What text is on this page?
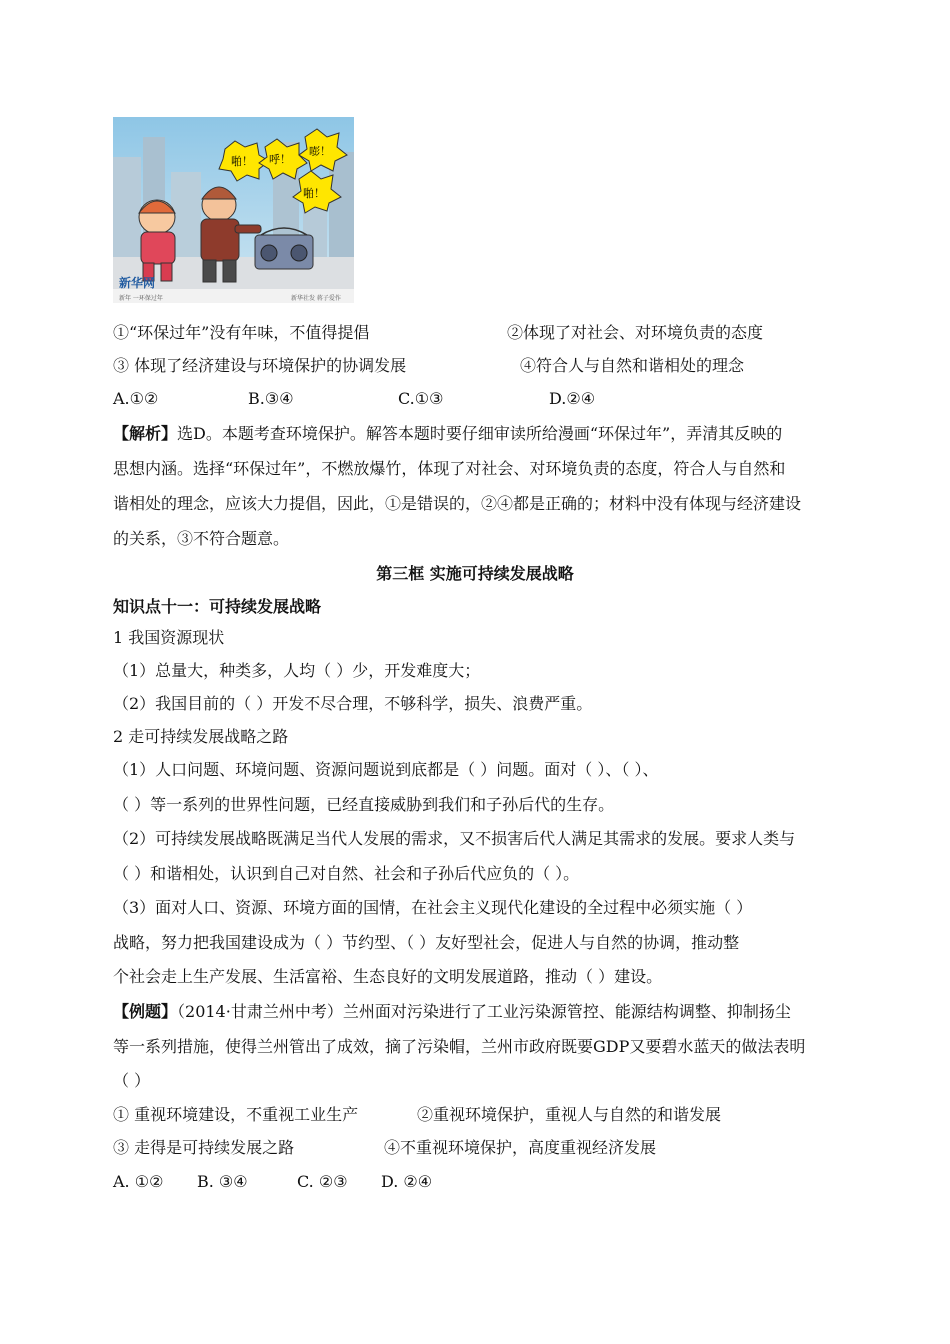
啪！ 呼！
嘭！
啪！
新华网
新年 一环保过年	新华社发 蒋子爱作
①“环保过年”没有年味，不值得提倡	②体现了对社会、对环境负责的态度
③ 体现了经济建设与环境保护的协调发展	④符合人与自然和谐相处的理念
A.①②	B.③④	C.①③	D.②④
【解析】选D。本题考查环境保护。解答本题时要仔细审读所给漫画“环保过年”，弄清其反映的
思想内涵。选择“环保过年”，不燃放爆竹，体现了对社会、对环境负责的态度，符合人与自然和
谐相处的理念，应该大力提倡，因此，①是错误的，②④都是正确的；材料中没有体现与经济建设
的关系，③不符合题意。
第三框 实施可持续发展战略
知识点十一：可持续发展战略
1 我国资源现状
（1）总量大，种类多，人均（ ）少，开发难度大；
（2）我国目前的（ ）开发不尽合理，不够科学，损失、浪费严重。
2 走可持续发展战略之路
（1）人口问题、环境问题、资源问题说到底都是（ ）问题。面对（ ）、（ ）、
（ ）等一系列的世界性问题，已经直接威胁到我们和子孙后代的生存。
（2）可持续发展战略既满足当代人发展的需求，又不损害后代人满足其需求的发展。要求人类与
（ ）和谐相处，认识到自己对自然、社会和子孙后代应负的（ ）。
（3）面对人口、资源、环境方面的国情，在社会主义现代化建设的全过程中必须实施（ ）
战略，努力把我国建设成为（ ）节约型、（ ）友好型社会，促进人与自然的协调，推动整
个社会走上生产发展、生活富裕、生态良好的文明发展道路，推动（ ）建设。
【例题】（2014·甘肃兰州中考）兰州面对污染进行了工业污染源管控、能源结构调整、抑制扬尘
等一系列措施，使得兰州管出了成效，摘了污染帽，兰州市政府既要GDP又要碧水蓝天的做法表明
（ ）
① 重视环境建设，不重视工业生产	②重视环境保护，重视人与自然的和谐发展
③ 走得是可持续发展之路	④不重视环境保护，高度重视经济发展
A. ①② B. ③④	C. ②③ D. ②④
